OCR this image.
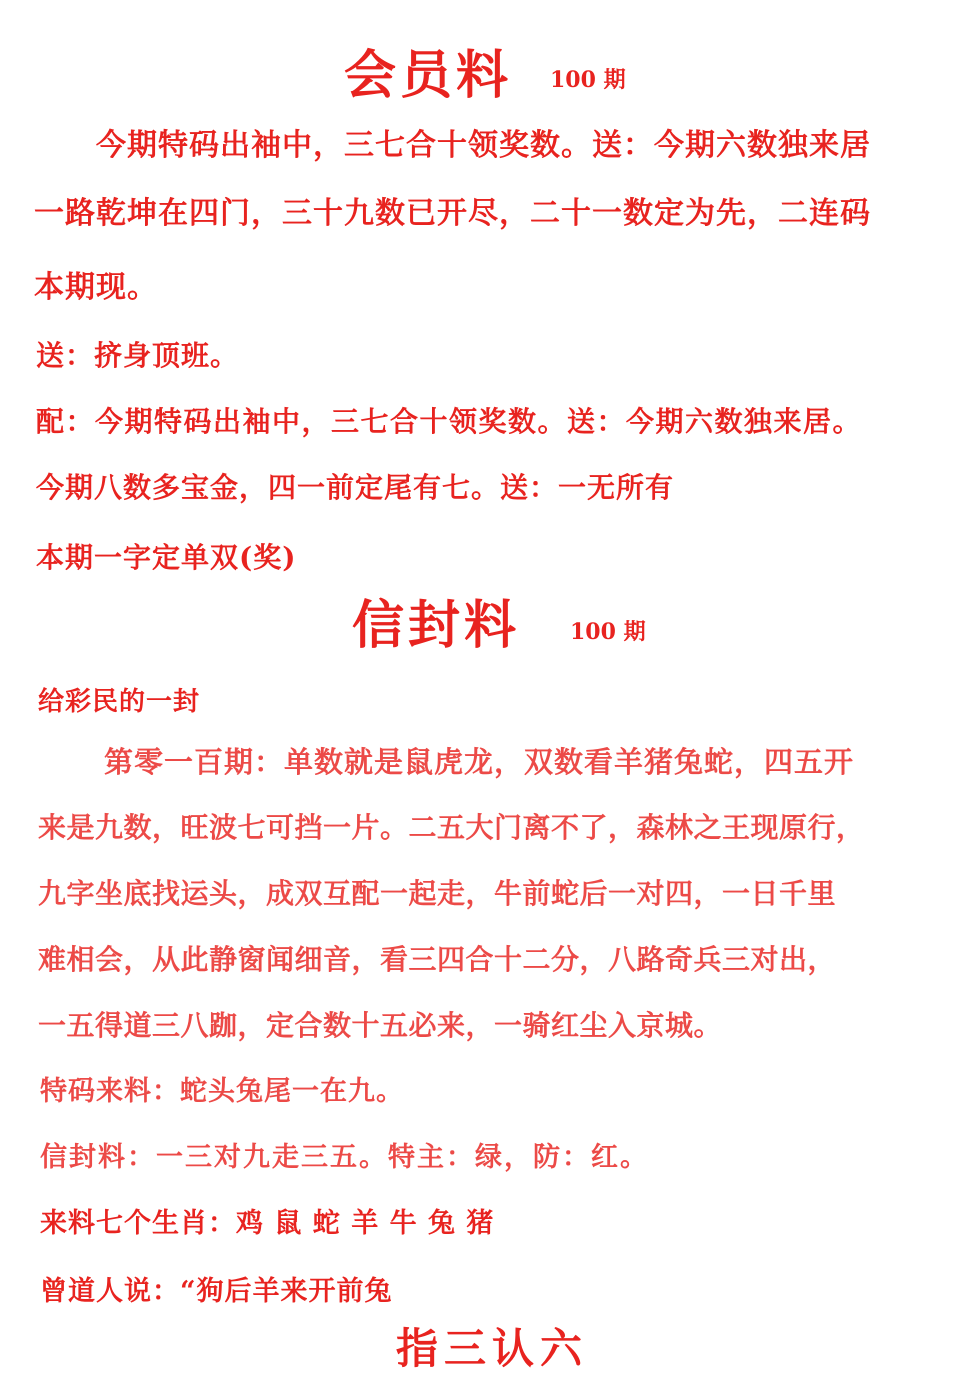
会员料 100 期
今期特码出袖中，三七合十领奖数。送：今期六数独来居
一路乾坤在四门，三十九数已开尽，二十一数定为先，二连码
本期现。
送：挤身顶班。
配：今期特码出袖中，三七合十领奖数。送：今期六数独来居。
今期八数多宝金，四一前定尾有七。送：一无所有
本期一字定单双(奖)
信封料 100 期
给彩民的一封
第零一百期：单数就是鼠虎龙，双数看羊猪兔蛇，四五开
来是九数，旺波七可挡一片。二五大门离不了，森林之王现原行，
九字坐底找运头，成双互配一起走，牛前蛇后一对四，一日千里
难相会，从此静窗闻细音，看三四合十二分，八路奇兵三对出，
一五得道三八跏，定合数十五必来，一骑红尘入京城。
特码来料：蛇头兔尾一在九。
信封料：一三对九走三五。特主：绿，防：红。
来料七个生肖：鸡 鼠 蛇 羊 牛 兔 猪
曾道人说：“狗后羊来开前兔
指三认六
